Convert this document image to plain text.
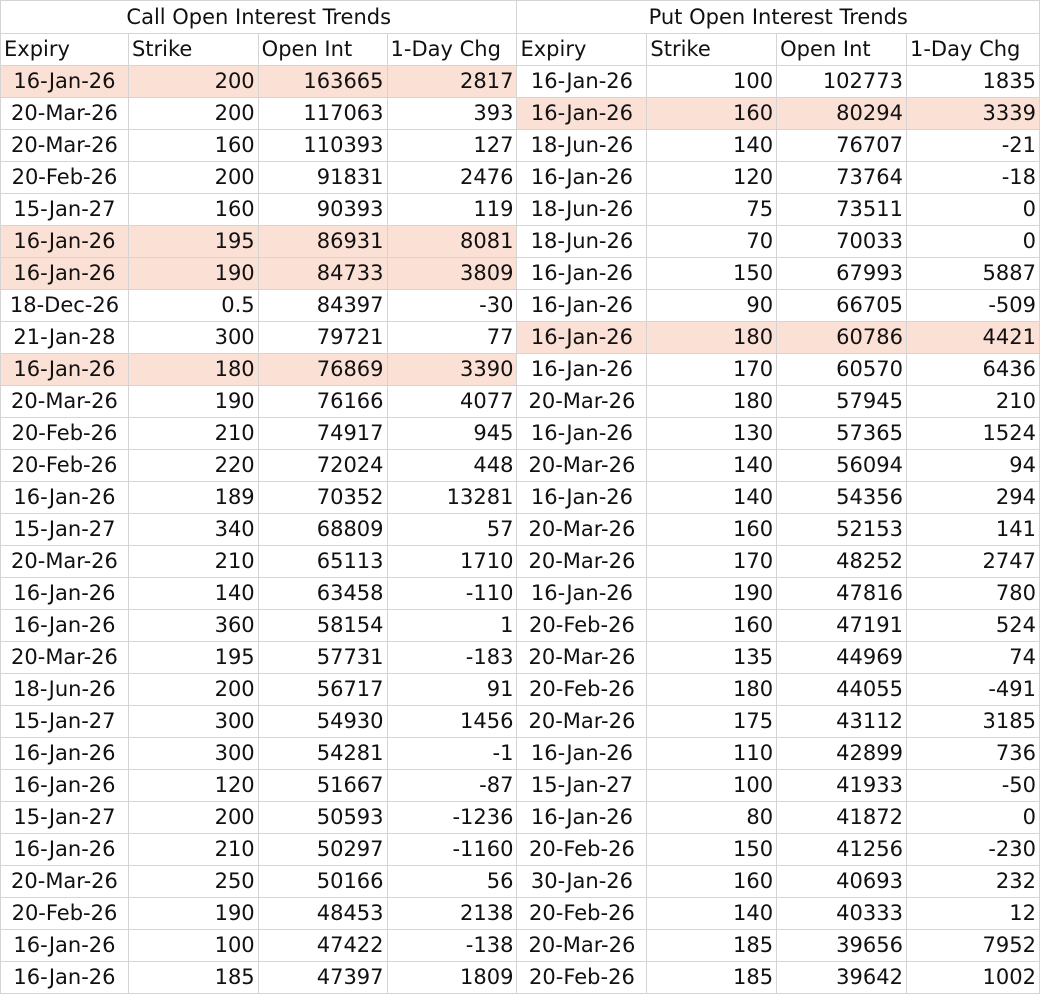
Call Open Interest Trends				Put Open Interest Trends			
Expiry	Strike	Open Int	1-Day Chg	Expiry	Strike	Open Int	1-Day Chg
16-Jan-26	200	163665	2817	16-Jan-26	100	102773	1835
20-Mar-26	200	117063	393	16-Jan-26	160	80294	3339
20-Mar-26	160	110393	127	18-Jun-26	140	76707	-21
20-Feb-26	200	91831	2476	16-Jan-26	120	73764	-18
15-Jan-27	160	90393	119	18-Jun-26	75	73511	0
16-Jan-26	195	86931	8081	18-Jun-26	70	70033	0
16-Jan-26	190	84733	3809	16-Jan-26	150	67993	5887
18-Dec-26	0.5	84397	-30	16-Jan-26	90	66705	-509
21-Jan-28	300	79721	77	16-Jan-26	180	60786	4421
16-Jan-26	180	76869	3390	16-Jan-26	170	60570	6436
20-Mar-26	190	76166	4077	20-Mar-26	180	57945	210
20-Feb-26	210	74917	945	16-Jan-26	130	57365	1524
20-Feb-26	220	72024	448	20-Mar-26	140	56094	94
16-Jan-26	189	70352	13281	16-Jan-26	140	54356	294
15-Jan-27	340	68809	57	20-Mar-26	160	52153	141
20-Mar-26	210	65113	1710	20-Mar-26	170	48252	2747
16-Jan-26	140	63458	-110	16-Jan-26	190	47816	780
16-Jan-26	360	58154	1	20-Feb-26	160	47191	524
20-Mar-26	195	57731	-183	20-Mar-26	135	44969	74
18-Jun-26	200	56717	91	20-Feb-26	180	44055	-491
15-Jan-27	300	54930	1456	20-Mar-26	175	43112	3185
16-Jan-26	300	54281	-1	16-Jan-26	110	42899	736
16-Jan-26	120	51667	-87	15-Jan-27	100	41933	-50
15-Jan-27	200	50593	-1236	16-Jan-26	80	41872	0
16-Jan-26	210	50297	-1160	20-Feb-26	150	41256	-230
20-Mar-26	250	50166	56	30-Jan-26	160	40693	232
20-Feb-26	190	48453	2138	20-Feb-26	140	40333	12
16-Jan-26	100	47422	-138	20-Mar-26	185	39656	7952
16-Jan-26	185	47397	1809	20-Feb-26	185	39642	1002
